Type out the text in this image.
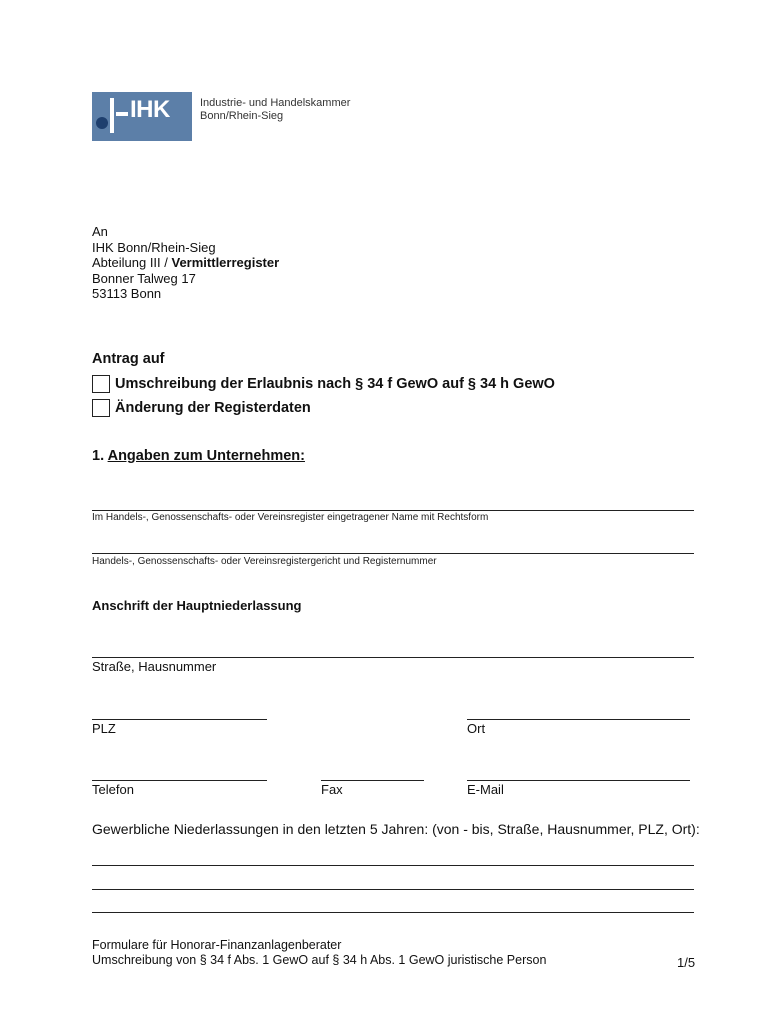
IHK	Industrie- und Handelskammer
Bonn/Rhein-Sieg
An
IHK Bonn/Rhein-Sieg
Abteilung III / Vermittlerregister
Bonner Talweg 17
53113 Bonn
Antrag auf
Umschreibung der Erlaubnis nach § 34 f GewO auf § 34 h GewO
Änderung der Registerdaten
1. Angaben zum Unternehmen:
Im Handels-, Genossenschafts- oder Vereinsregister eingetragener Name mit Rechtsform
Handels-, Genossenschafts- oder Vereinsregistergericht und Registernummer
Anschrift der Hauptniederlassung
Straße, Hausnummer
PLZ	Ort
Telefon	Fax	E-Mail
Gewerbliche Niederlassungen in den letzten 5 Jahren: (von - bis, Straße, Hausnummer, PLZ, Ort):
Formulare für Honorar-Finanzanlagenberater
Umschreibung von § 34 f Abs. 1 GewO auf § 34 h Abs. 1 GewO juristische Person	1/5
